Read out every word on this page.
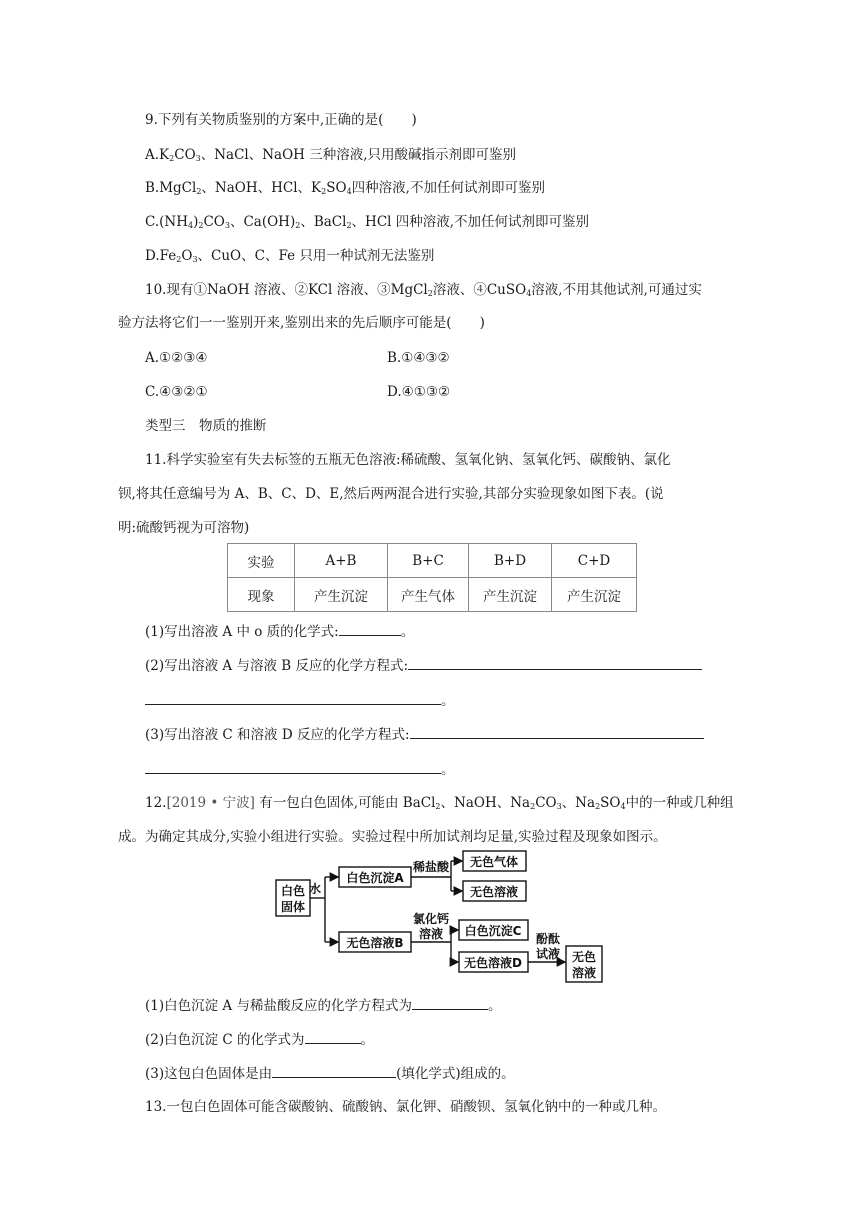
9.下列有关物质鉴别的方案中,正确的是( )
$A.K_2CO_3$、NaCl、NaOH 三种溶液,只用酸碱指示剂即可鉴别
B.MgCl$_2$、NaOH、HCl、$K_2SO_4$四种溶液,不加任何试剂即可鉴别
$C.(NH_4)_2CO_3$、$Ca(OH)_2$、BaCl$_2$、HCl 四种溶液,不加任何试剂即可鉴别
$D.Fe_2O_3$、CuO、C、Fe 只用一种试剂无法鉴别
10.现有①NaOH 溶液、②KCl 溶液、③MgCl$_2$溶液、④CuSO$_4$溶液,不用其他试剂,可通过实
验方法将它们一一鉴别开来,鉴别出来的先后顺序可能是( )
A.①②③④	B.①④③②
C.④③②①	D.④①③②
类型三　物质的推断
11.科学实验室有失去标签的五瓶无色溶液:稀硫酸、氢氧化钠、氢氧化钙、碳酸钠、氯化
钡,将其任意编号为 A、B、C、D、E,然后两两混合进行实验,其部分实验现象如图下表。(说
明:硫酸钙视为可溶物)
实验	A+B	B+C	B+D	C+D
现象	产生沉淀	产生气体	产生沉淀	产生沉淀
(1)写出溶液 A 中 o 质的化学式:	。
(2)写出溶液 A 与溶液 B 反应的化学方程式:
。
(3)写出溶液 C 和溶液 D 反应的化学方程式:
。
12.[2019 • 宁波] 有一包白色固体,可能由 BaCl$_2$、NaOH、$Na_2CO_3$、$Na_2SO_4$中的一种或几种组
成。为确定其成分,实验小组进行实验。实验过程中所加试剂均足量,实验过程及现象如图示。
白色
固体
水
白色沉淀A
稀盐酸 无色气体
无色溶液
无色溶液B
氯化钙
溶液 白色沉淀C
无色溶液D
酚酞
试液 无色
溶液
(1)白色沉淀 A 与稀盐酸反应的化学方程式为	。
(2)白色沉淀 C 的化学式为	。
(3)这包白色固体是由	(填化学式)组成的。
13.一包白色固体可能含碳酸钠、硫酸钠、氯化钾、硝酸钡、氢氧化钠中的一种或几种。
